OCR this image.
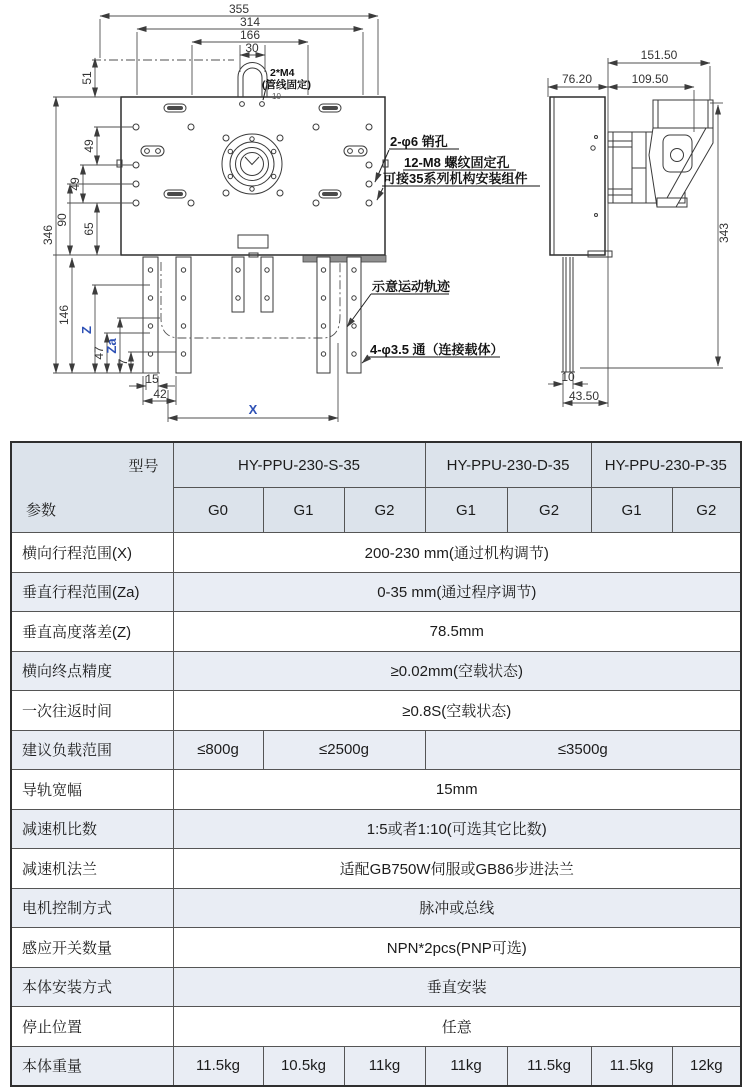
355
314
166
30
10
51
49
49
90
65
346
146
Z
Za
47
7
15
42
X
2*M4
(管线固定)
2-φ6 销孔
12-M8 螺纹固定孔
可接35系列机构安装组件
示意运动轨迹
4-φ3.5 通（连接载体）
151.50
76.20	109.50
343
10
43.50
型号
参数	HY-PPU-230-S-35			HY-PPU-230-D-35		HY-PPU-230-P-35	
	G0	G1	G2	G1	G2	G1	G2
横向行程范围(X)	200-230 mm(通过机构调节)						
垂直行程范围(Za)	0-35 mm(通过程序调节)						
垂直高度落差(Z)	78.5mm						
横向终点精度	≥0.02mm(空载状态)						
一次往返时间	≥0.8S(空载状态)						
建议负载范围	≤800g	≤2500g		≤3500g			
导轨宽幅	15mm						
减速机比数	1:5或者1:10(可选其它比数)						
减速机法兰	适配GB750W伺服或GB86步进法兰						
电机控制方式	脉冲或总线						
感应开关数量	NPN*2pcs(PNP可选)						
本体安装方式	垂直安装						
停止位置	任意						
本体重量	11.5kg	10.5kg	11kg	11kg	11.5kg	11.5kg	12kg
